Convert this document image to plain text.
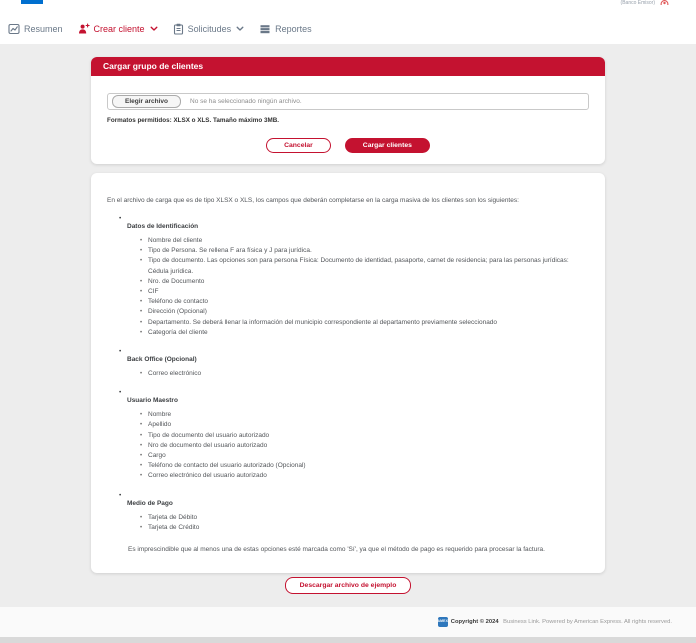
(Banco Emisor)
Resumen	Crear cliente	Solicitudes	Reportes
Cargar grupo de clientes
Elegir archivo	No se ha seleccionado ningún archivo.
Formatos permitidos: XLSX o XLS. Tamaño máximo 3MB.
Cancelar	Cargar clientes

En el archivo de carga que es de tipo XLSX o XLS, los campos que deberán completarse en la carga masiva de los clientes son los siguientes:

• Datos de Identificación
• Nombre del cliente
• Tipo de Persona. Se rellena F ara física y J para jurídica.
• Tipo de documento. Las opciones son para persona Física: Documento de identidad, pasaporte, carnet de residencia; para las personas jurídicas: Cédula jurídica.
• Nro. de Documento
• CIF
• Teléfono de contacto
• Dirección (Opcional)
• Departamento. Se deberá llenar la información del municipio correspondiente al departamento previamente seleccionado
• Categoría del cliente
• Back Office (Opcional)
• Correo electrónico
• Usuario Maestro
• Nombre
• Apellido
• Tipo de documento del usuario autorizado
• Nro de documento del usuario autorizado
• Cargo
• Teléfono de contacto del usuario autorizado (Opcional)
• Correo electrónico del usuario autorizado
• Medio de Pago
• Tarjeta de Débito
• Tarjeta de Crédito

Es imprescindible que al menos una de estas opciones esté marcada como 'Sí', ya que el método de pago es requerido para procesar la factura.

Descargar archivo de ejemplo
AMEX Copyright © 2024 Business Link. Powered by American Express. All rights reserved.
